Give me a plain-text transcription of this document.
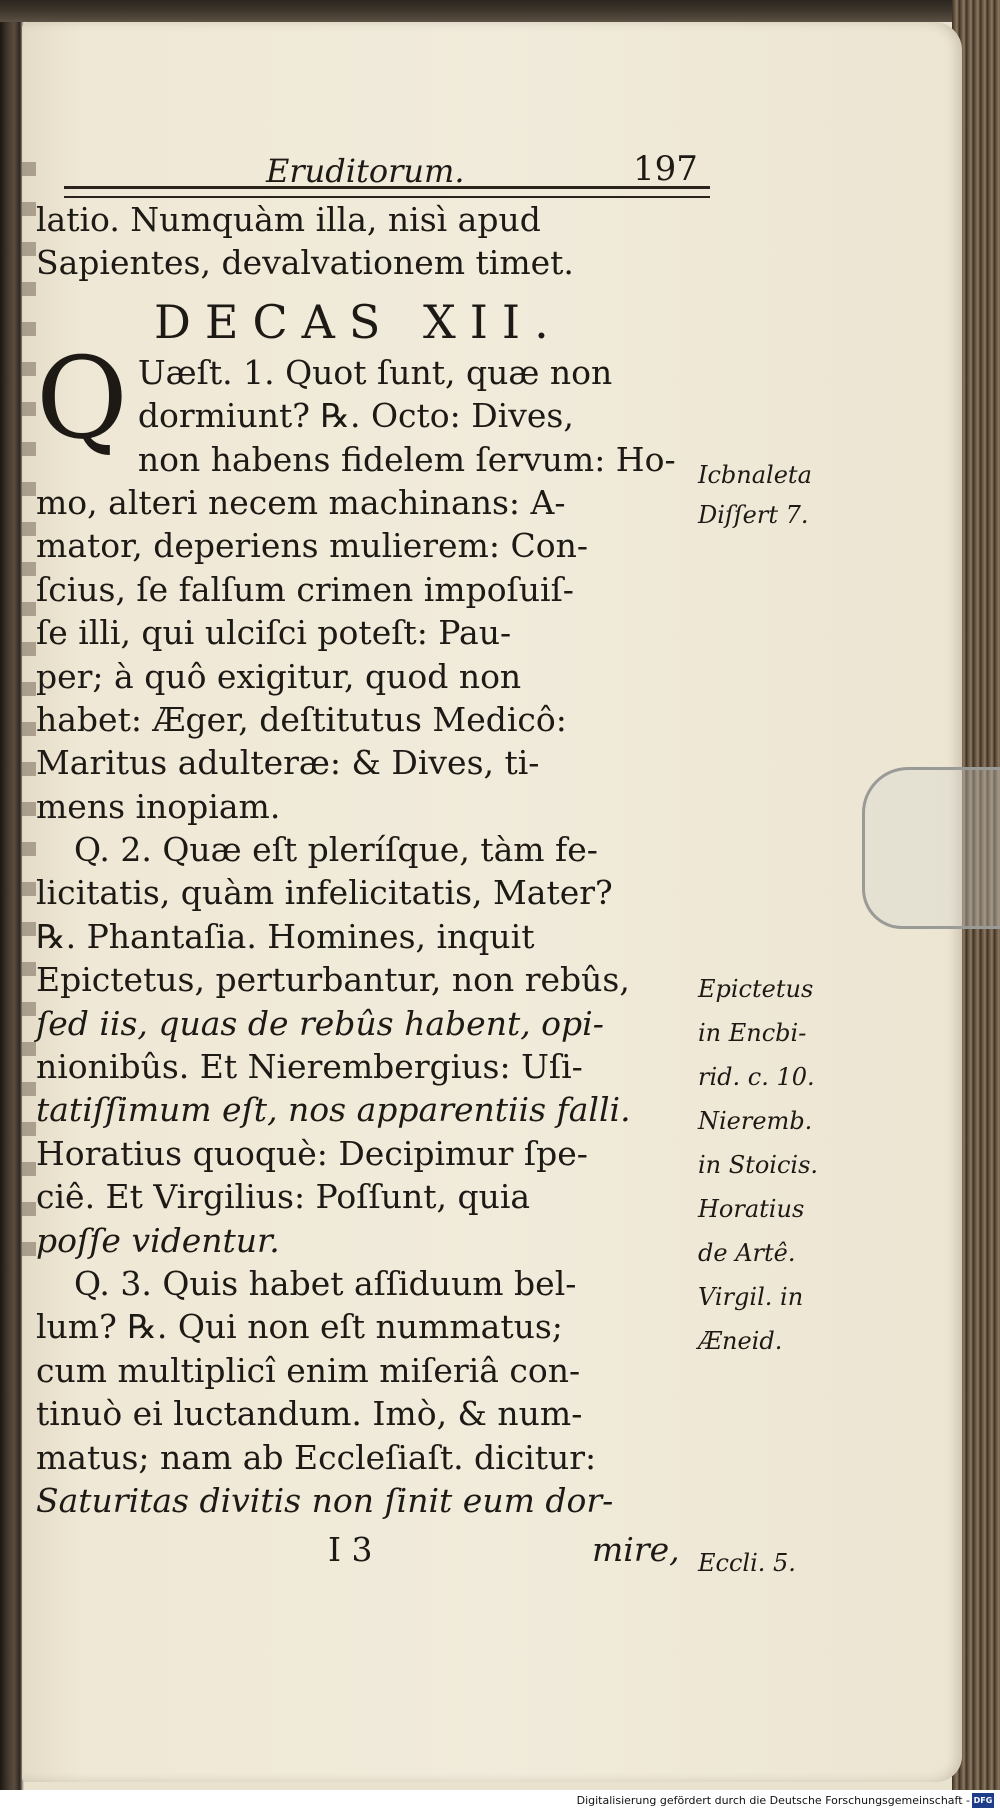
Eruditorum.	197
latio. Numquàm illa, nisì apud
Sapientes, devalvationem timet.
DECAS XII.
Q Uæſt. 1. Quot ſunt, quæ non
dormiunt? ℞. Octo: Dives,
non habens fidelem ſervum: Ho-
mo, alteri necem machinans: A-
mator, deperiens mulierem: Con-
ſcius, ſe falſum crimen impoſuiſ-
ſe illi, qui ulciſci poteſt: Pau-
per; à quô exigitur, quod non
habet: Æger, deſtitutus Medicô:
Maritus adulteræ: & Dives, ti-
mens inopiam.
Q. 2. Quæ eſt pleríſque, tàm fe-
licitatis, quàm infelicitatis, Mater?
℞. Phantaſia. Homines, inquit
Epictetus, perturbantur, non rebûs,
ſed iis, quas de rebûs habent, opi-
nionibûs. Et Nierembergius: Uſi-
tatiſſimum eſt, nos apparentiis falli.
Horatius quoquè: Decipimur ſpe-
ciê. Et Virgilius: Poſſunt, quia
poſſe videntur.
Q. 3. Quis habet aſſiduum bel-
lum? ℞. Qui non eſt nummatus;
cum multiplicî enim miſeriâ con-
tinuò ei luctandum. Imò, & num-
matus; nam ab Eccleſiaſt. dicitur:
Saturitas divitis non ſinit eum dor-
I 3	mire,
Icbnaleta
Diſſert 7.
Epictetus
in Encbi-
rid. c. 10.
Nieremb.
in Stoicis.
Horatius
de Artê.
Virgil. in
Æneid.
Eccli. 5.
Digitalisierung gefördert durch die Deutsche Forschungsgemeinschaft - DFG
